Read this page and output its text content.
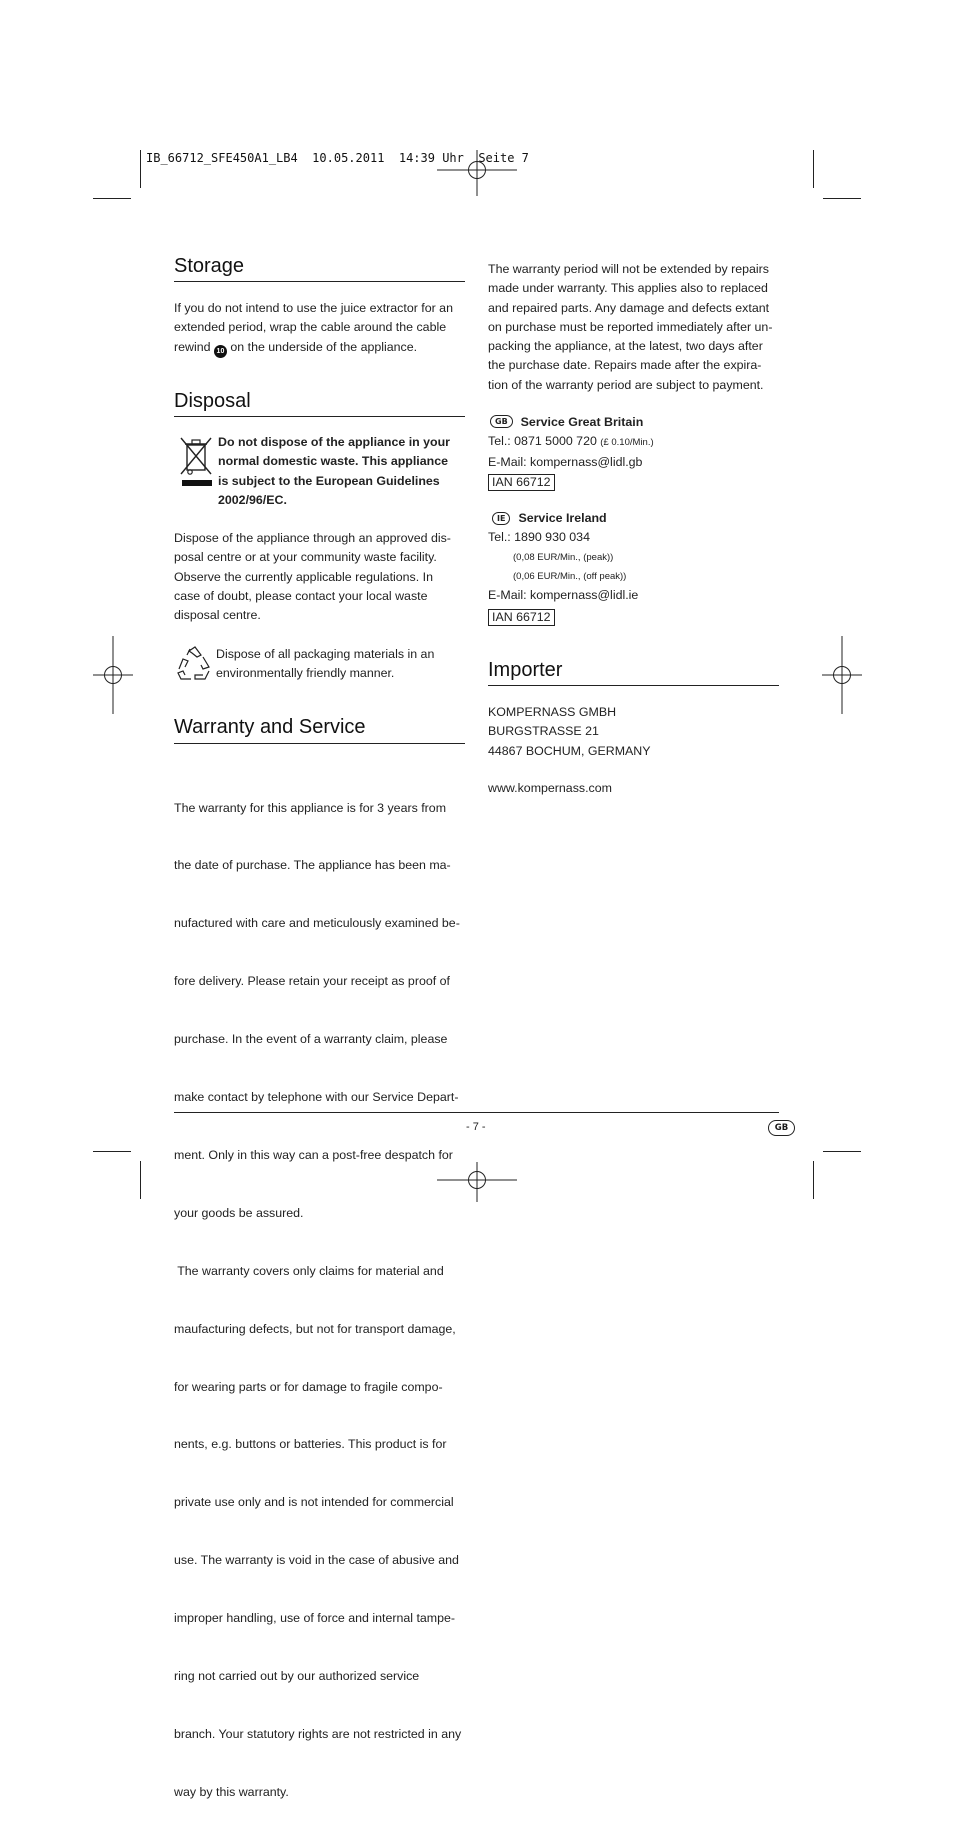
IB_66712_SFE450A1_LB4  10.05.2011  14:39 Uhr  Seite 7
Storage
If you do not intend to use the juice extractor for an
extended period, wrap the cable around the cable
rewind 10 on the underside of the appliance.
Disposal
Do not dispose of the appliance in your
normal domestic waste. This appliance
is subject to the European Guidelines
2002/96/EC.
Dispose of the appliance through an approved dis-
posal centre or at your community waste facility.
Observe the currently applicable regulations. In
case of doubt, please contact your local waste
disposal centre.
Dispose of all packaging materials in an
environmentally friendly manner.
Warranty and Service

The warranty for this appliance is for 3 years from

the date of purchase. The appliance has been ma-

nufactured with care and meticulously examined be-

fore delivery. Please retain your receipt as proof of

purchase. In the event of a warranty claim, please

make contact by telephone with our Service Depart-

ment. Only in this way can a post-free despatch for

your goods be assured.

The warranty covers only claims for material and

maufacturing defects, but not for transport damage,

for wearing parts or for damage to fragile compo-

nents, e.g. buttons or batteries. This product is for

private use only and is not intended for commercial

use. The warranty is void in the case of abusive and

improper handling, use of force and internal tampe-

ring not carried out by our authorized service

branch. Your statutory rights are not restricted in any

way by this warranty.

The warranty period will not be extended by repairs
made under warranty. This applies also to replaced
and repaired parts. Any damage and defects extant
on purchase must be reported immediately after un-
packing the appliance, at the latest, two days after
the purchase date. Repairs made after the expira-
tion of the warranty period are subject to payment.
GB Service Great Britain
Tel.: 0871 5000 720 (£ 0.10/Min.)
E-Mail: kompernass@lidl.gb
IAN 66712
IE Service Ireland
Tel.: 1890 930 034
(0,08 EUR/Min., (peak))
(0,06 EUR/Min., (off peak))
E-Mail: kompernass@lidl.ie
IAN 66712
Importer
KOMPERNASS GMBH
BURGSTRASSE 21
44867 BOCHUM, GERMANY
www.kompernass.com
- 7 -	GB
